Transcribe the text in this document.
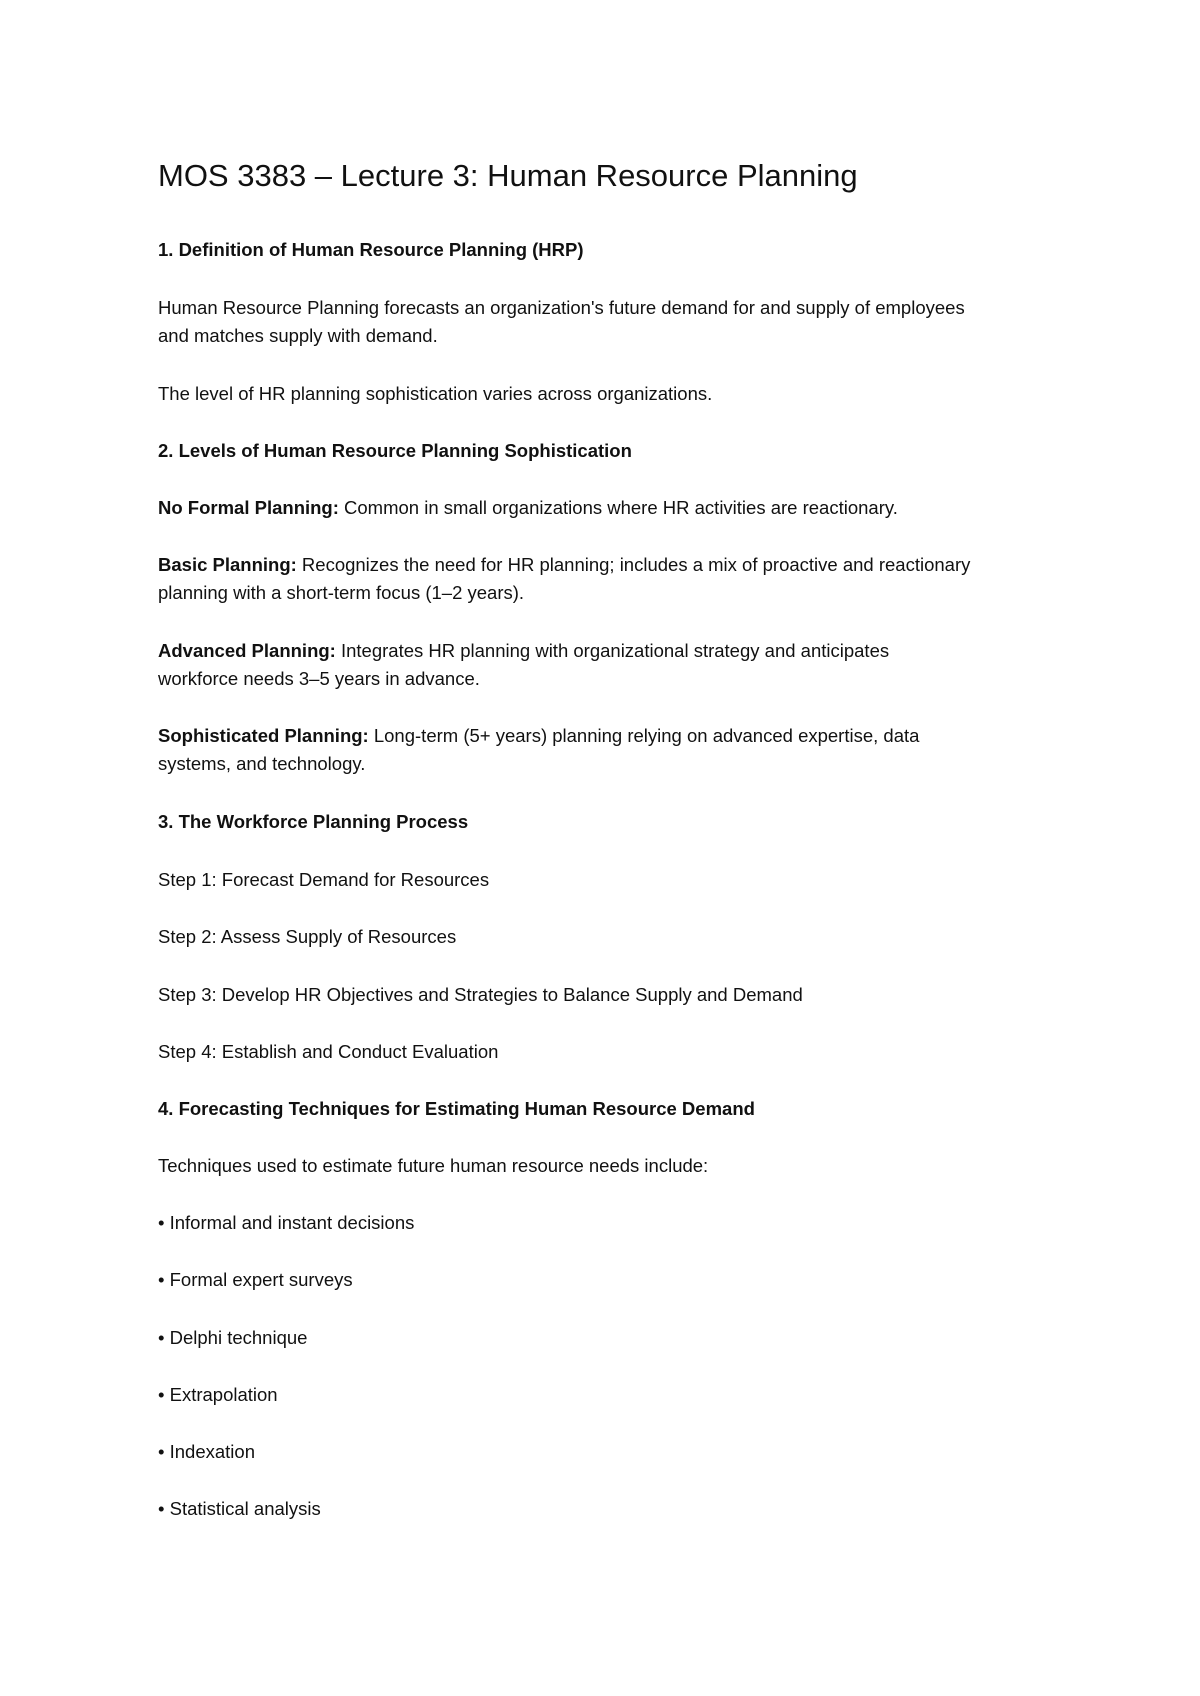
MOS 3383 – Lecture 3: Human Resource Planning

1. Definition of Human Resource Planning (HRP)

Human Resource Planning forecasts an organization's future demand for and supply of employees

and matches supply with demand.

The level of HR planning sophistication varies across organizations.

2. Levels of Human Resource Planning Sophistication

No Formal Planning: Common in small organizations where HR activities are reactionary.

Basic Planning: Recognizes the need for HR planning; includes a mix of proactive and reactionary

planning with a short-term focus (1–2 years).

Advanced Planning: Integrates HR planning with organizational strategy and anticipates

workforce needs 3–5 years in advance.

Sophisticated Planning: Long-term (5+ years) planning relying on advanced expertise, data

systems, and technology.

3. The Workforce Planning Process

Step 1: Forecast Demand for Resources

Step 2: Assess Supply of Resources

Step 3: Develop HR Objectives and Strategies to Balance Supply and Demand

Step 4: Establish and Conduct Evaluation

4. Forecasting Techniques for Estimating Human Resource Demand

Techniques used to estimate future human resource needs include:

• Informal and instant decisions

• Formal expert surveys

• Delphi technique

• Extrapolation

• Indexation

• Statistical analysis
